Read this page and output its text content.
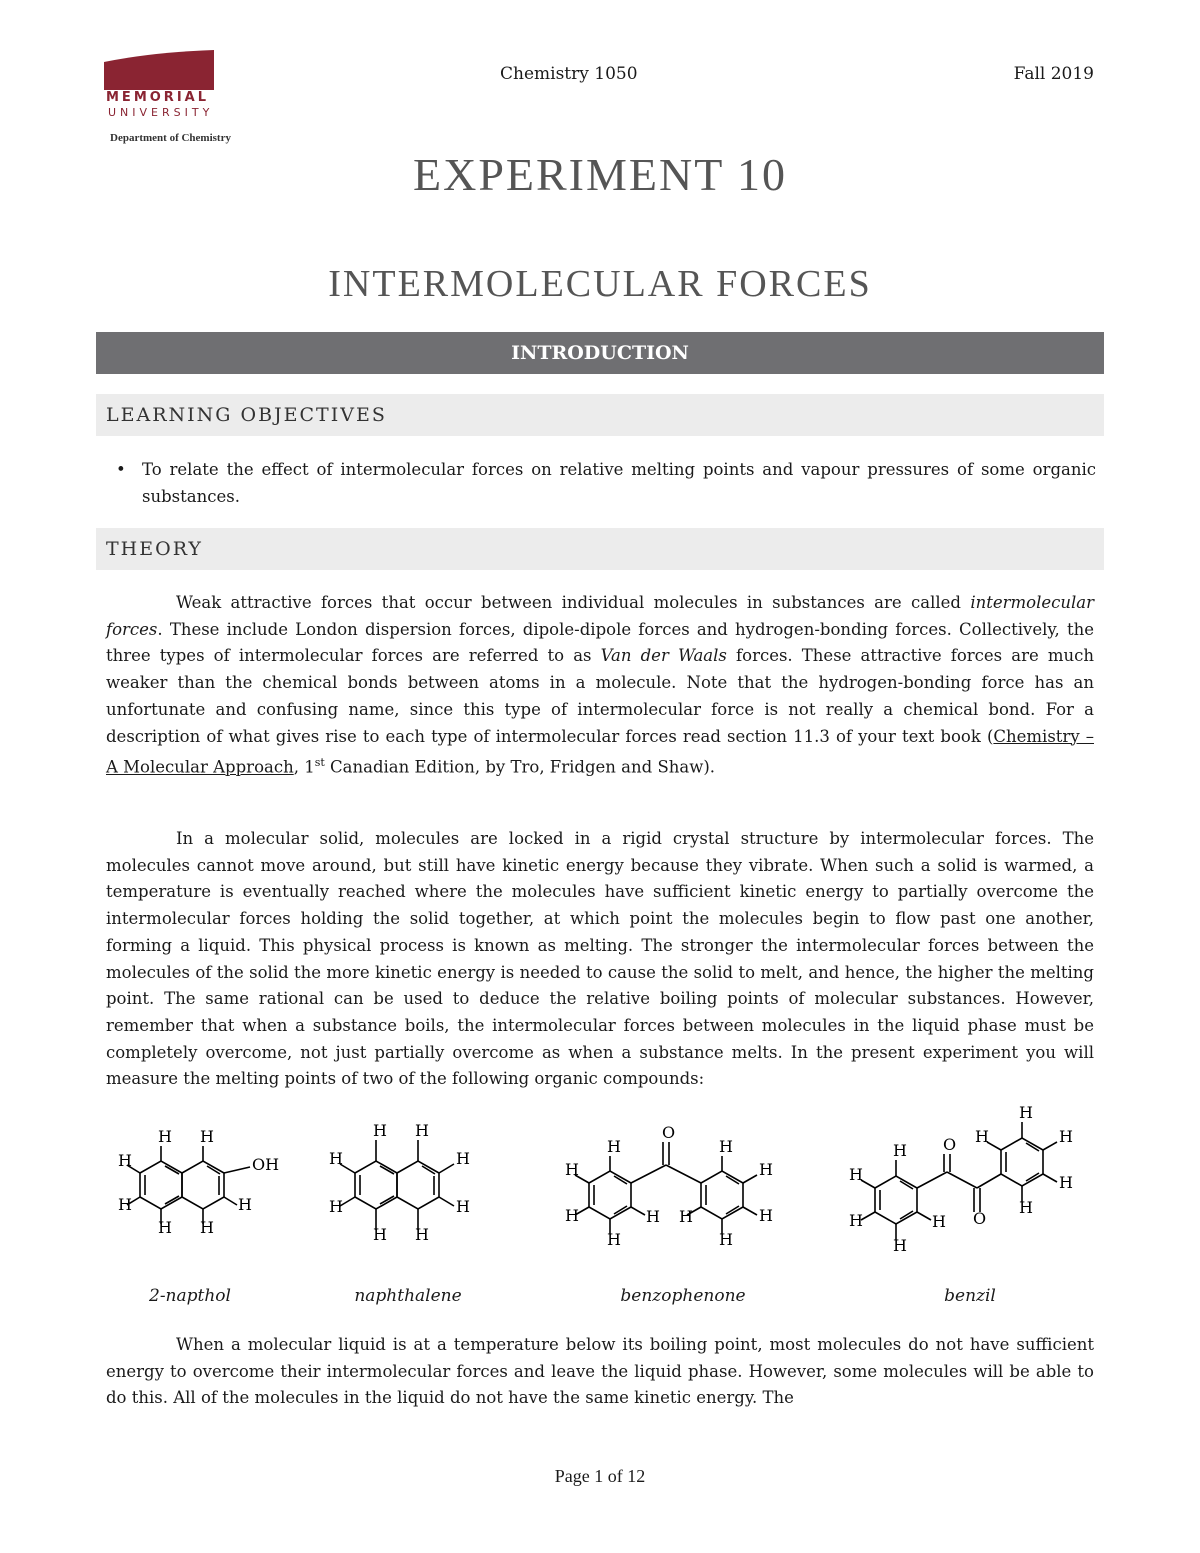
MEMORIAL
UNIVERSITY
Department of Chemistry
Chemistry 1050	Fall 2019
EXPERIMENT 10
INTERMOLECULAR FORCES
INTRODUCTION
LEARNING OBJECTIVES
• To relate the effect of intermolecular forces on relative melting points and vapour pressures of some organic substances.
THEORY

Weak attractive forces that occur between individual molecules in substances are called intermolecular forces. These include London dispersion forces, dipole-dipole forces and hydrogen-bonding forces. Collectively, the three types of intermolecular forces are referred to as Van der Waals forces. These attractive forces are much weaker than the chemical bonds between atoms in a molecule. Note that the hydrogen-bonding force has an unfortunate and confusing name, since this type of intermolecular force is not really a chemical bond. For a description of what gives rise to each type of intermolecular forces read section 11.3 of your text book (Chemistry – A Molecular Approach, 1st Canadian Edition, by Tro, Fridgen and Shaw).

In a molecular solid, molecules are locked in a rigid crystal structure by intermolecular forces. The molecules cannot move around, but still have kinetic energy because they vibrate. When such a solid is warmed, a temperature is eventually reached where the molecules have sufficient kinetic energy to partially overcome the intermolecular forces holding the solid together, at which point the molecules begin to flow past one another, forming a liquid. This physical process is known as melting. The stronger the intermolecular forces between the molecules of the solid the more kinetic energy is needed to cause the solid to melt, and hence, the higher the melting point. The same rational can be used to deduce the relative boiling points of molecular substances. However, remember that when a substance boils, the intermolecular forces between molecules in the liquid phase must be completely overcome, not just partially overcome as when a substance melts. In the present experiment you will measure the melting points of two of the following organic compounds:

H H
H
H
H H
H
OH
H H
H
H
H H
H
H
O
H
H
H
H
H
H
H
H
H
H
O
O
H
H
H
H
H
H
H	H
H
H
2-napthol	naphthalene	benzophenone	benzil

When a molecular liquid is at a temperature below its boiling point, most molecules do not have sufficient energy to overcome their intermolecular forces and leave the liquid phase. However, some molecules will be able to do this. All of the molecules in the liquid do not have the same kinetic energy. The

Page 1 of 12
